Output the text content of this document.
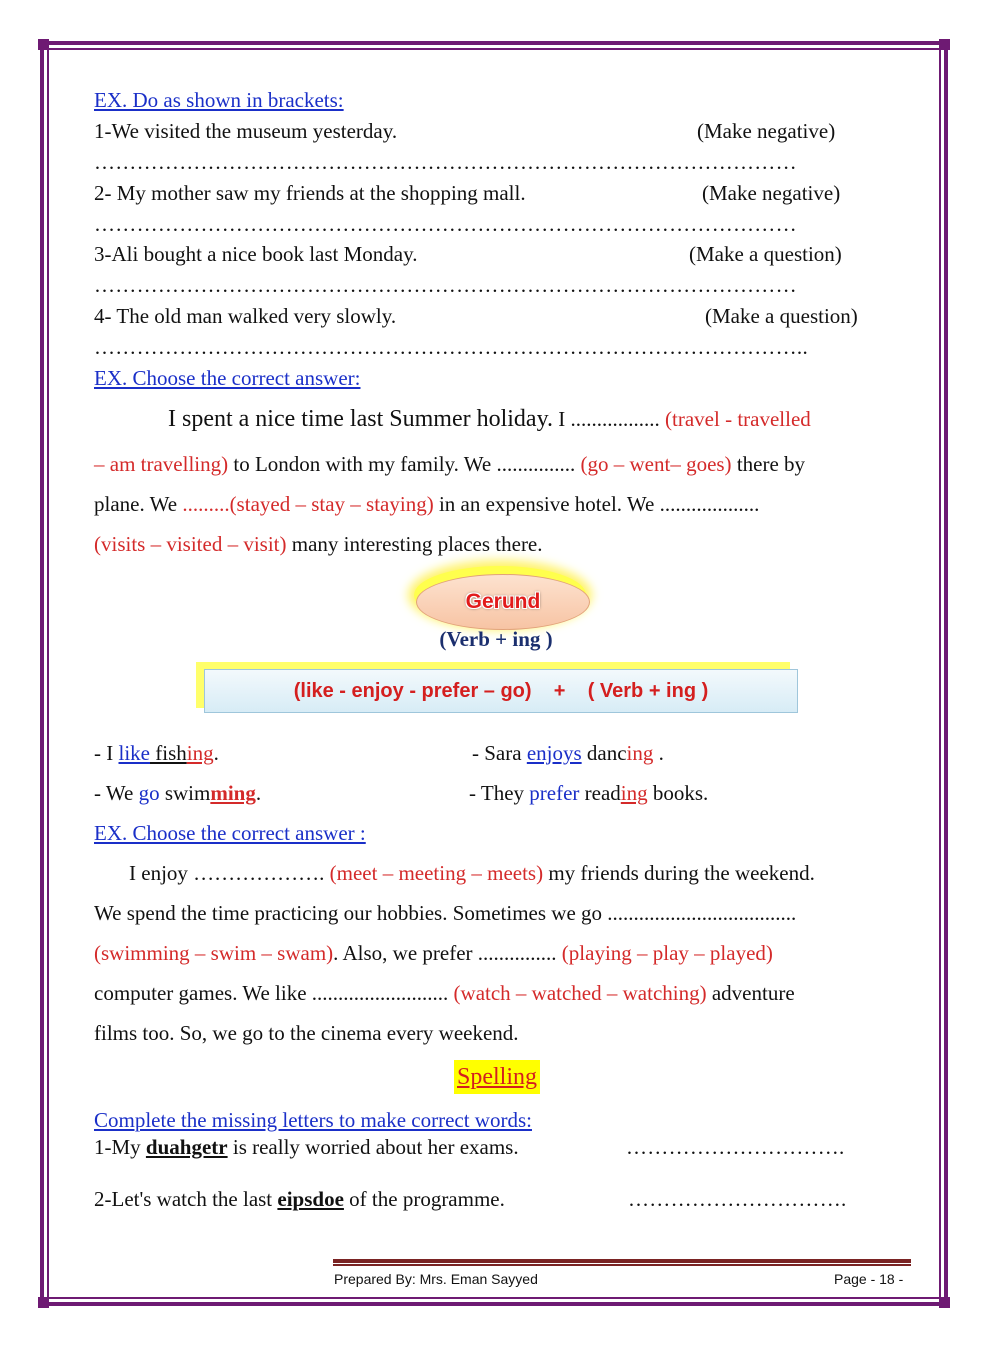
EX. Do as shown in brackets:
1-We visited the museum yesterday.	(Make negative)
………………………………………………………………………………………
2- My mother saw my friends at the shopping mall.	(Make negative)
………………………………………………………………………………………
3-Ali bought a nice book last Monday.	(Make a question)
………………………………………………………………………………………
4- The old man walked very slowly.	(Make a question)
………………………………………………………………………………………..
EX. Choose the correct answer:
I spent a nice time last Summer holiday. I ................. (travel - travelled
– am travelling) to London with my family. We ............... (go – went– goes) there by
plane. We .........(stayed – stay – staying) in an expensive hotel. We ...................
(visits – visited – visit) many interesting places there.
Gerund
(Verb + ing )
(like - enjoy - prefer – go)    +    ( Verb + ing )
- I like fishing.	- Sara enjoys dancing .
- We go swimming.	- They prefer reading books.
EX. Choose the correct answer :
I enjoy ………………. (meet – meeting – meets) my friends during the weekend.
We spend the time practicing our hobbies. Sometimes we go ....................................
(swimming – swim – swam). Also, we prefer ............... (playing – play – played)
computer games. We like .......................... (watch – watched – watching) adventure
films too. So, we go to the cinema every weekend.
Spelling
Complete the missing letters to make correct words:
1-My duahgetr is really worried about her exams.	………………………….
2-Let's watch the last eipsdoe of the programme.	………………………….
Prepared By: Mrs. Eman Sayyed	Page - 18 -
